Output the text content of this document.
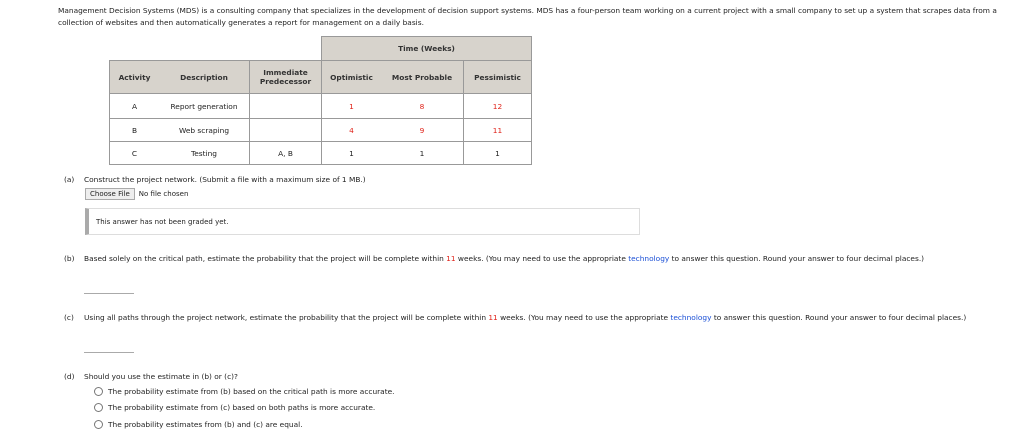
Management Decision Systems (MDS) is a consulting company that specializes in the development of decision support systems. MDS has a four-person team working on a current project with a small company to set up a system that scrapes data from a collection of websites and then automatically generates a report for management on a daily basis.
			Time (Weeks)		
Activity	Description	Immediate Predecessor	Optimistic	Most Probable	Pessimistic
A	Report generation		1	8	12
B	Web scraping		4	9	11
C	Testing	A, B	1	1	1
(a) Construct the project network. (Submit a file with a maximum size of 1 MB.)
Choose File	No file chosen
This answer has not been graded yet.
(b) Based solely on the critical path, estimate the probability that the project will be complete within 11 weeks. (You may need to use the appropriate technology to answer this question. Round your answer to four decimal places.)
(c) Using all paths through the project network, estimate the probability that the project will be complete within 11 weeks. (You may need to use the appropriate technology to answer this question. Round your answer to four decimal places.)
(d) Should you use the estimate in (b) or (c)?
The probability estimate from (b) based on the critical path is more accurate.
The probability estimate from (c) based on both paths is more accurate.
The probability estimates from (b) and (c) are equal.
